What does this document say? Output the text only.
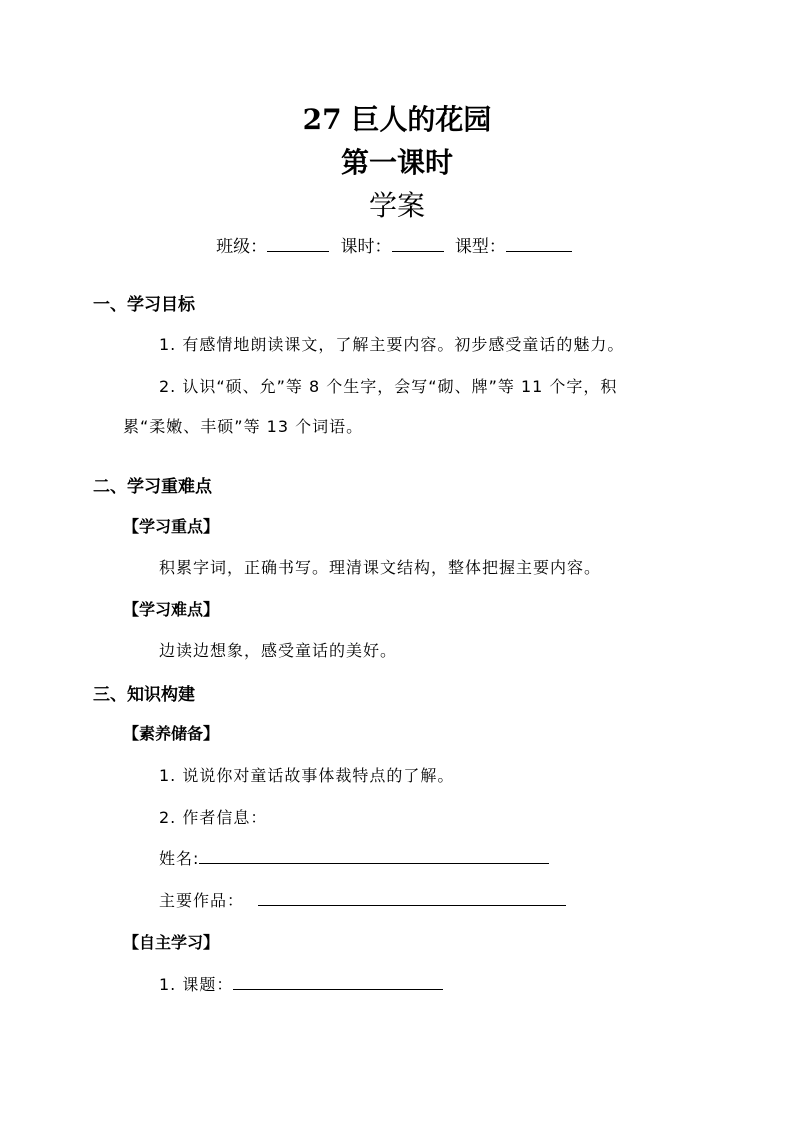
27 巨人的花园
第一课时
学案
班级：	课时：	课型：
一、学习目标
1. 有感情地朗读课文，了解主要内容。初步感受童话的魅力。
2. 认识“硕、允”等 8 个生字，会写“砌、牌”等 11 个字，积
累“柔嫩、丰硕”等 13 个词语。
二、学习重难点
【学习重点】
积累字词，正确书写。理清课文结构，整体把握主要内容。
【学习难点】
边读边想象，感受童话的美好。
三、知识构建
【素养储备】
1. 说说你对童话故事体裁特点的了解。
2. 作者信息：
姓名:
主要作品：
【自主学习】
1. 课题：
